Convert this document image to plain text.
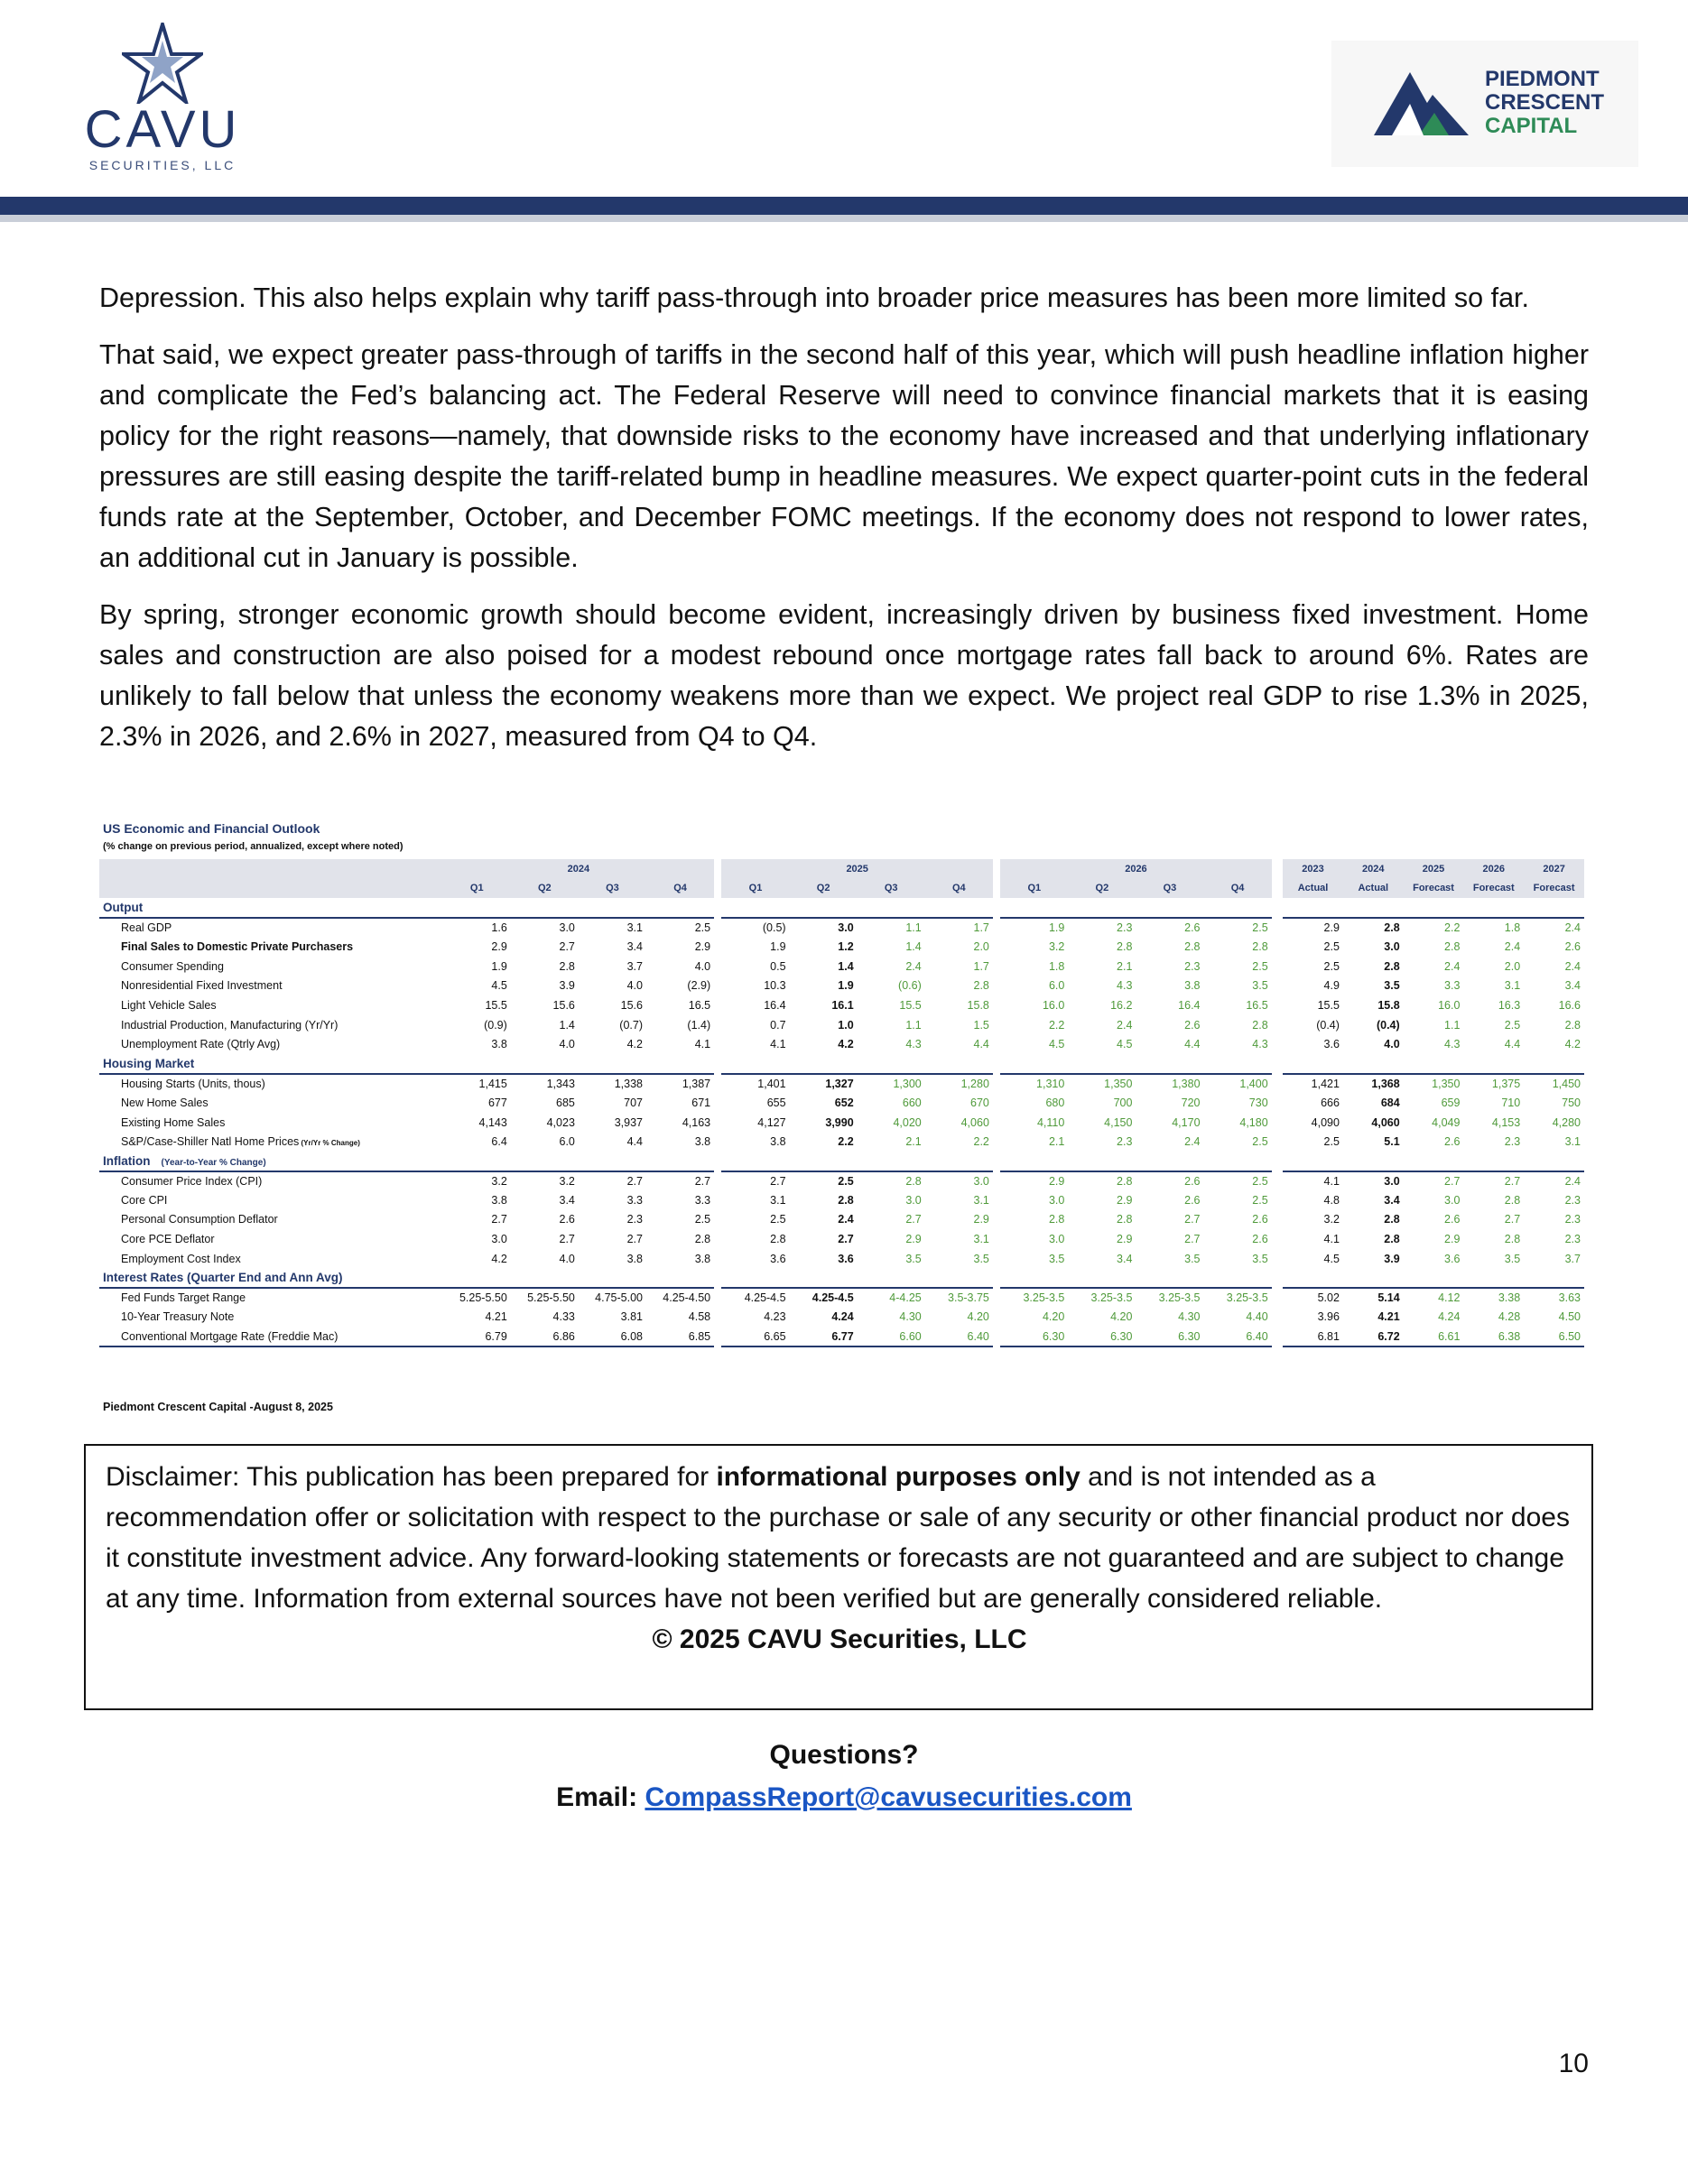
CAVU
SECURITIES, LLC
PIEDMONT
CRESCENT
CAPITAL

Depression. This also helps explain why tariff pass-through into broader price measures has been more limited so far.

That said, we expect greater pass-through of tariffs in the second half of this year, which will push headline inflation higher and complicate the Fed’s balancing act. The Federal Reserve will need to convince financial markets that it is easing policy for the right reasons—namely, that downside risks to the economy have increased and that underlying inflationary pressures are still easing despite the tariff-related bump in headline measures. We expect quarter-point cuts in the federal funds rate at the September, October, and December FOMC meetings. If the economy does not respond to lower rates, an additional cut in January is possible.

By spring, stronger economic growth should become evident, increasingly driven by business fixed investment. Home sales and construction are also poised for a modest rebound once mortgage rates fall back to around 6%. Rates are unlikely to fall below that unless the economy weakens more than we expect. We project real GDP to rise 1.3% in 2025, 2.3% in 2026, and 2.6% in 2027, measured from Q4 to Q4.

US Economic and Financial Outlook
(% change on previous period, annualized, except where noted)
	2024					2025					2026					2023	2024	2025	2026	2027
	Q1	Q2	Q3	Q4		Q1	Q2	Q3	Q4		Q1	Q2	Q3	Q4		Actual	Actual	Forecast	Forecast	Forecast
Output																				
Real GDP	1.6	3.0	3.1	2.5		(0.5)	3.0	1.1	1.7		1.9	2.3	2.6	2.5		2.9	2.8	2.2	1.8	2.4
Final Sales to Domestic Private Purchasers	2.9	2.7	3.4	2.9		1.9	1.2	1.4	2.0		3.2	2.8	2.8	2.8		2.5	3.0	2.8	2.4	2.6
Consumer Spending	1.9	2.8	3.7	4.0		0.5	1.4	2.4	1.7		1.8	2.1	2.3	2.5		2.5	2.8	2.4	2.0	2.4
Nonresidential Fixed Investment	4.5	3.9	4.0	(2.9)		10.3	1.9	(0.6)	2.8		6.0	4.3	3.8	3.5		4.9	3.5	3.3	3.1	3.4
Light Vehicle Sales	15.5	15.6	15.6	16.5		16.4	16.1	15.5	15.8		16.0	16.2	16.4	16.5		15.5	15.8	16.0	16.3	16.6
Industrial Production, Manufacturing (Yr/Yr)	(0.9)	1.4	(0.7)	(1.4)		0.7	1.0	1.1	1.5		2.2	2.4	2.6	2.8		(0.4)	(0.4)	1.1	2.5	2.8
Unemployment Rate (Qtrly Avg)	3.8	4.0	4.2	4.1		4.1	4.2	4.3	4.4		4.5	4.5	4.4	4.3		3.6	4.0	4.3	4.4	4.2
Housing Market																				
Housing Starts (Units, thous)	1,415	1,343	1,338	1,387		1,401	1,327	1,300	1,280		1,310	1,350	1,380	1,400		1,421	1,368	1,350	1,375	1,450
New Home Sales	677	685	707	671		655	652	660	670		680	700	720	730		666	684	659	710	750
Existing Home Sales	4,143	4,023	3,937	4,163		4,127	3,990	4,020	4,060		4,110	4,150	4,170	4,180		4,090	4,060	4,049	4,153	4,280
S&P/Case-Shiller Natl Home Prices (Yr/Yr % Change)	6.4	6.0	4.4	3.8		3.8	2.2	2.1	2.2		2.1	2.3	2.4	2.5		2.5	5.1	2.6	2.3	3.1
Inflation (Year-to-Year % Change)																				
Consumer Price Index (CPI)	3.2	3.2	2.7	2.7		2.7	2.5	2.8	3.0		2.9	2.8	2.6	2.5		4.1	3.0	2.7	2.7	2.4
Core CPI	3.8	3.4	3.3	3.3		3.1	2.8	3.0	3.1		3.0	2.9	2.6	2.5		4.8	3.4	3.0	2.8	2.3
Personal Consumption Deflator	2.7	2.6	2.3	2.5		2.5	2.4	2.7	2.9		2.8	2.8	2.7	2.6		3.2	2.8	2.6	2.7	2.3
Core PCE Deflator	3.0	2.7	2.7	2.8		2.8	2.7	2.9	3.1		3.0	2.9	2.7	2.6		4.1	2.8	2.9	2.8	2.3
Employment Cost Index	4.2	4.0	3.8	3.8		3.6	3.6	3.5	3.5		3.5	3.4	3.5	3.5		4.5	3.9	3.6	3.5	3.7
Interest Rates (Quarter End and Ann Avg)																				
Fed Funds Target Range	5.25-5.50	5.25-5.50	4.75-5.00	4.25-4.50		4.25-4.5	4.25-4.5	4-4.25	3.5-3.75		3.25-3.5	3.25-3.5	3.25-3.5	3.25-3.5		5.02	5.14	4.12	3.38	3.63
10-Year Treasury Note	4.21	4.33	3.81	4.58		4.23	4.24	4.30	4.20		4.20	4.20	4.30	4.40		3.96	4.21	4.24	4.28	4.50
Conventional Mortgage Rate (Freddie Mac)	6.79	6.86	6.08	6.85		6.65	6.77	6.60	6.40		6.30	6.30	6.30	6.40		6.81	6.72	6.61	6.38	6.50
Piedmont Crescent Capital -August 8, 2025
Disclaimer: This publication has been prepared for informational purposes only and is not intended as a recommendation offer or solicitation with respect to the purchase or sale of any security or other financial product nor does it constitute investment advice. Any forward-looking statements or forecasts are not guaranteed and are subject to change at any time. Information from external sources have not been verified but are generally considered reliable.
© 2025 CAVU Securities, LLC
Questions?
Email: CompassReport@cavusecurities.com
10
